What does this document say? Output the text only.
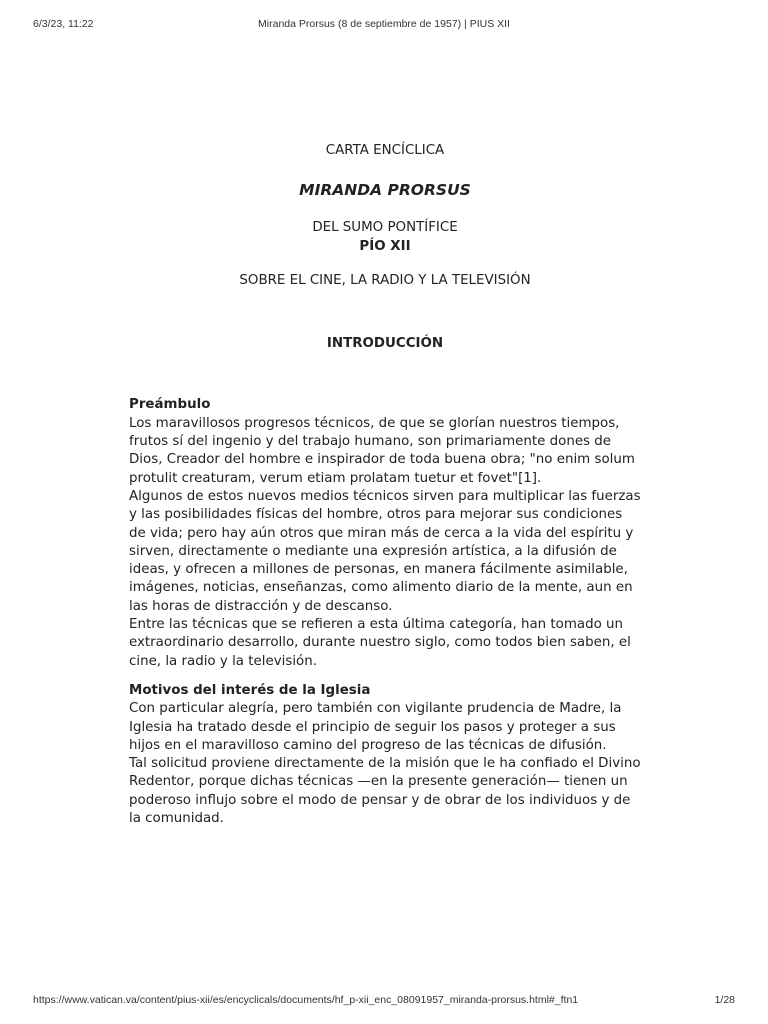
6/3/23, 11:22	Miranda Prorsus (8 de septiembre de 1957) | PIUS XII

CARTA ENCÍCLICA

MIRANDA PRORSUS

DEL SUMO PONTÍFICE

PÍO XII

SOBRE EL CINE, LA RADIO Y LA TELEVISIÓN

INTRODUCCIÓN

Preámbulo

Los maravillosos progresos técnicos, de que se glorían nuestros tiempos, frutos sí del ingenio y del trabajo humano, son primariamente dones de Dios, Creador del hombre e inspirador de toda buena obra; "no enim solum protulit creaturam, verum etiam prolatam tuetur et fovet"[1].

Algunos de estos nuevos medios técnicos sirven para multiplicar las fuerzas y las posibilidades físicas del hombre, otros para mejorar sus condiciones de vida; pero hay aún otros que miran más de cerca a la vida del espíritu y sirven, directamente o mediante una expresión artística, a la difusión de ideas, y ofrecen a millones de personas, en manera fácilmente asimilable, imágenes, noticias, enseñanzas, como alimento diario de la mente, aun en las horas de distracción y de descanso.

Entre las técnicas que se refieren a esta última categoría, han tomado un extraordinario desarrollo, durante nuestro siglo, como todos bien saben, el cine, la radio y la televisión.

Motivos del interés de la Iglesia

Con particular alegría, pero también con vigilante prudencia de Madre, la Iglesia ha tratado desde el principio de seguir los pasos y proteger a sus hijos en el maravilloso camino del progreso de las técnicas de difusión.

Tal solicitud proviene directamente de la misión que le ha confiado el Divino Redentor, porque dichas técnicas —en la presente generación— tienen un poderoso influjo sobre el modo de pensar y de obrar de los individuos y de la comunidad.

https://www.vatican.va/content/pius-xii/es/encyclicals/documents/hf_p-xii_enc_08091957_miranda-prorsus.html#_ftn1	1/28
